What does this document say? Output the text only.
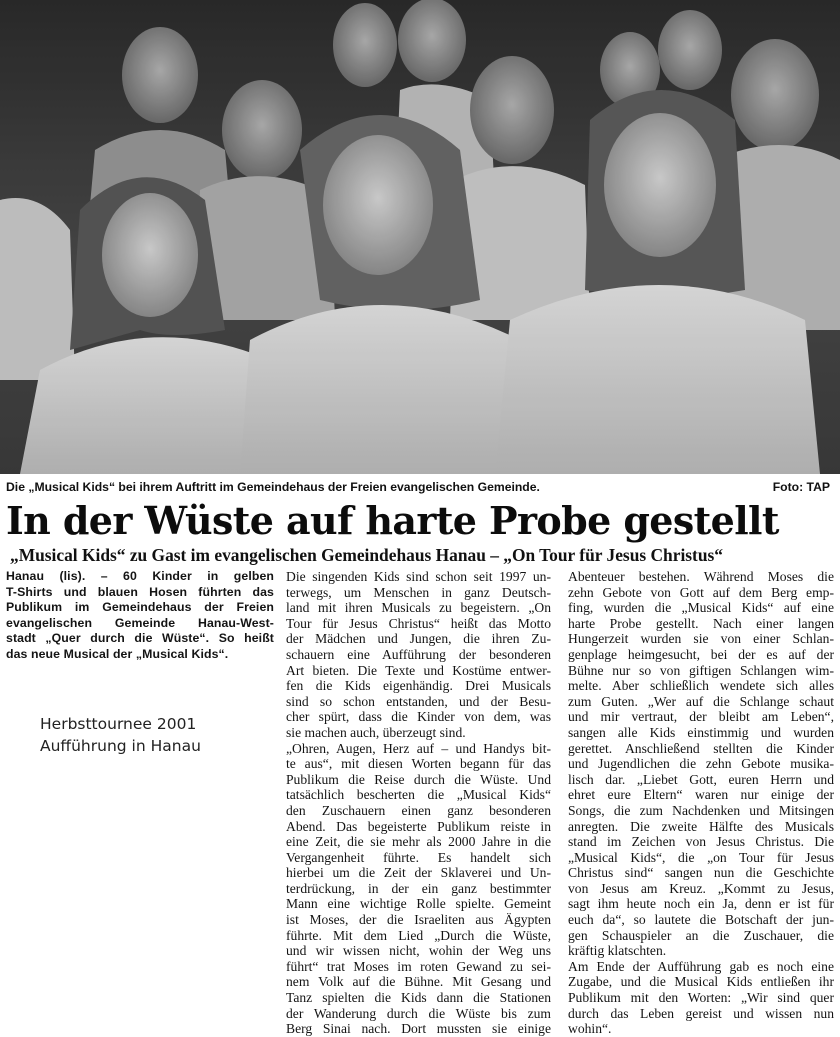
Die „Musical Kids“ bei ihrem Auftritt im Gemeindehaus der Freien evangelischen Gemeinde.	Foto: TAP
In der Wüste auf harte Probe gestellt
„Musical Kids“ zu Gast im evangelischen Gemeindehaus Hanau – „On Tour für Jesus Christus“
Hanau (lis). – 60 Kinder in gelben
T-Shirts und blauen Hosen führten das
Publikum im Gemeindehaus der Freien
evangelischen Gemeinde Hanau-West-
stadt „Quer durch die Wüste“. So heißt
das neue Musical der „Musical Kids“.
Herbsttournee 2001
Aufführung in Hanau
Die singenden Kids sind schon seit 1997 un-
terwegs, um Menschen in ganz Deutsch-
land mit ihren Musicals zu begeistern. „On
Tour für Jesus Christus“ heißt das Motto
der Mädchen und Jungen, die ihren Zu-
schauern eine Aufführung der besonderen
Art bieten. Die Texte und Kostüme entwer-
fen die Kids eigenhändig. Drei Musicals
sind so schon entstanden, und der Besu-
cher spürt, dass die Kinder von dem, was
sie machen auch, überzeugt sind.
„Ohren, Augen, Herz auf – und Handys bit-
te aus“, mit diesen Worten begann für das
Publikum die Reise durch die Wüste. Und
tatsächlich bescherten die „Musical Kids“
den Zuschauern einen ganz besonderen
Abend. Das begeisterte Publikum reiste in
eine Zeit, die sie mehr als 2000 Jahre in die
Vergangenheit führte. Es handelt sich
hierbei um die Zeit der Sklaverei und Un-
terdrückung, in der ein ganz bestimmter
Mann eine wichtige Rolle spielte. Gemeint
ist Moses, der die Israeliten aus Ägypten
führte. Mit dem Lied „Durch die Wüste,
und wir wissen nicht, wohin der Weg uns
führt“ trat Moses im roten Gewand zu sei-
nem Volk auf die Bühne. Mit Gesang und
Tanz spielten die Kids dann die Stationen
der Wanderung durch die Wüste bis zum
Berg Sinai nach. Dort mussten sie einige
Abenteuer bestehen. Während Moses die
zehn Gebote von Gott auf dem Berg emp-
fing, wurden die „Musical Kids“ auf eine
harte Probe gestellt. Nach einer langen
Hungerzeit wurden sie von einer Schlan-
genplage heimgesucht, bei der es auf der
Bühne nur so von giftigen Schlangen wim-
melte. Aber schließlich wendete sich alles
zum Guten. „Wer auf die Schlange schaut
und mir vertraut, der bleibt am Leben“,
sangen alle Kids einstimmig und wurden
gerettet. Anschließend stellten die Kinder
und Jugendlichen die zehn Gebote musika-
lisch dar. „Liebet Gott, euren Herrn und
ehret eure Eltern“ waren nur einige der
Songs, die zum Nachdenken und Mitsingen
anregten. Die zweite Hälfte des Musicals
stand im Zeichen von Jesus Christus. Die
„Musical Kids“, die „on Tour für Jesus
Christus sind“ sangen nun die Geschichte
von Jesus am Kreuz. „Kommt zu Jesus,
sagt ihm heute noch ein Ja, denn er ist für
euch da“, so lautete die Botschaft der jun-
gen Schauspieler an die Zuschauer, die
kräftig klatschten.
Am Ende der Aufführung gab es noch eine
Zugabe, und die Musical Kids entließen ihr
Publikum mit den Worten: „Wir sind quer
durch das Leben gereist und wissen nun
wohin“.
